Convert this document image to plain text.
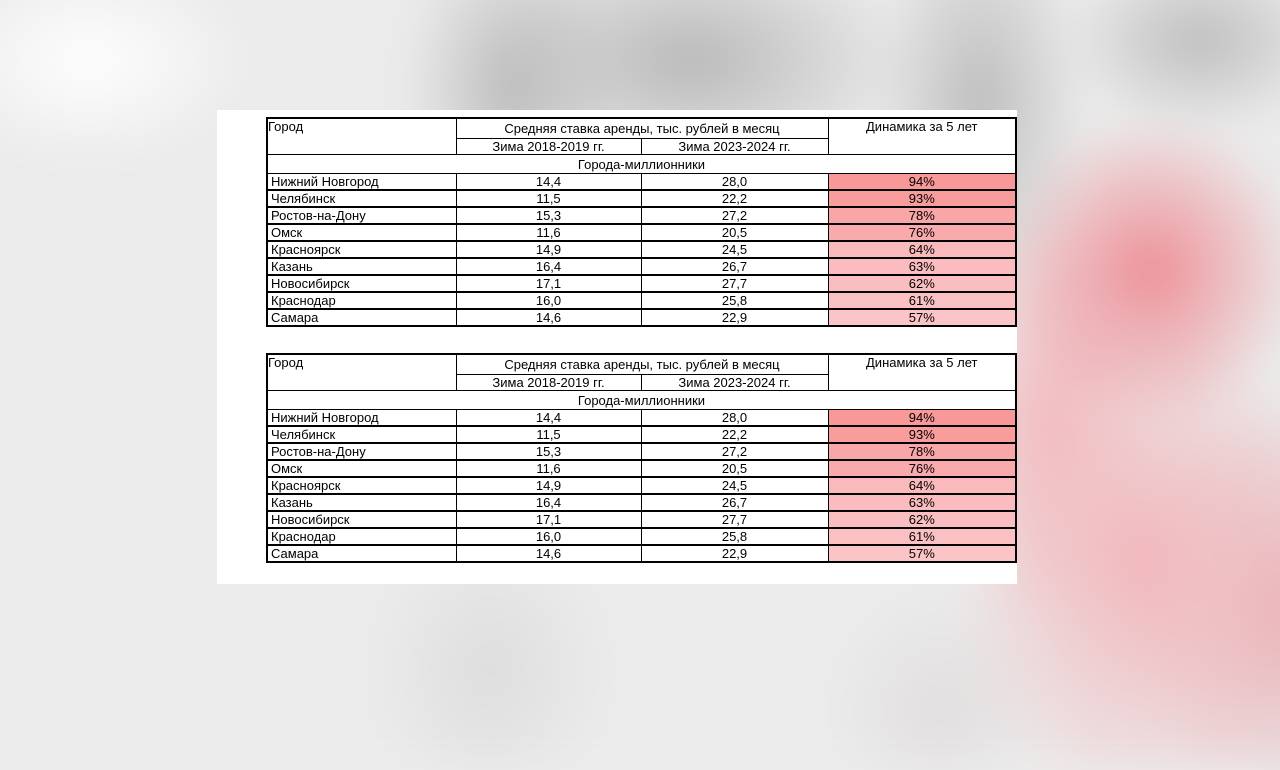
Город	Средняя ставка аренды, тыс. рублей в месяц		Динамика за 5 лет
	Зима 2018-2019 гг.	Зима 2023-2024 гг.	
Города-миллионники			
Нижний Новгород	14,4	28,0	94%
Челябинск	11,5	22,2	93%
Ростов-на-Дону	15,3	27,2	78%
Омск	11,6	20,5	76%
Красноярск	14,9	24,5	64%
Казань	16,4	26,7	63%
Новосибирск	17,1	27,7	62%
Краснодар	16,0	25,8	61%
Самара	14,6	22,9	57%
Город	Средняя ставка аренды, тыс. рублей в месяц		Динамика за 5 лет
	Зима 2018-2019 гг.	Зима 2023-2024 гг.	
Города-миллионники			
Нижний Новгород	14,4	28,0	94%
Челябинск	11,5	22,2	93%
Ростов-на-Дону	15,3	27,2	78%
Омск	11,6	20,5	76%
Красноярск	14,9	24,5	64%
Казань	16,4	26,7	63%
Новосибирск	17,1	27,7	62%
Краснодар	16,0	25,8	61%
Самара	14,6	22,9	57%
